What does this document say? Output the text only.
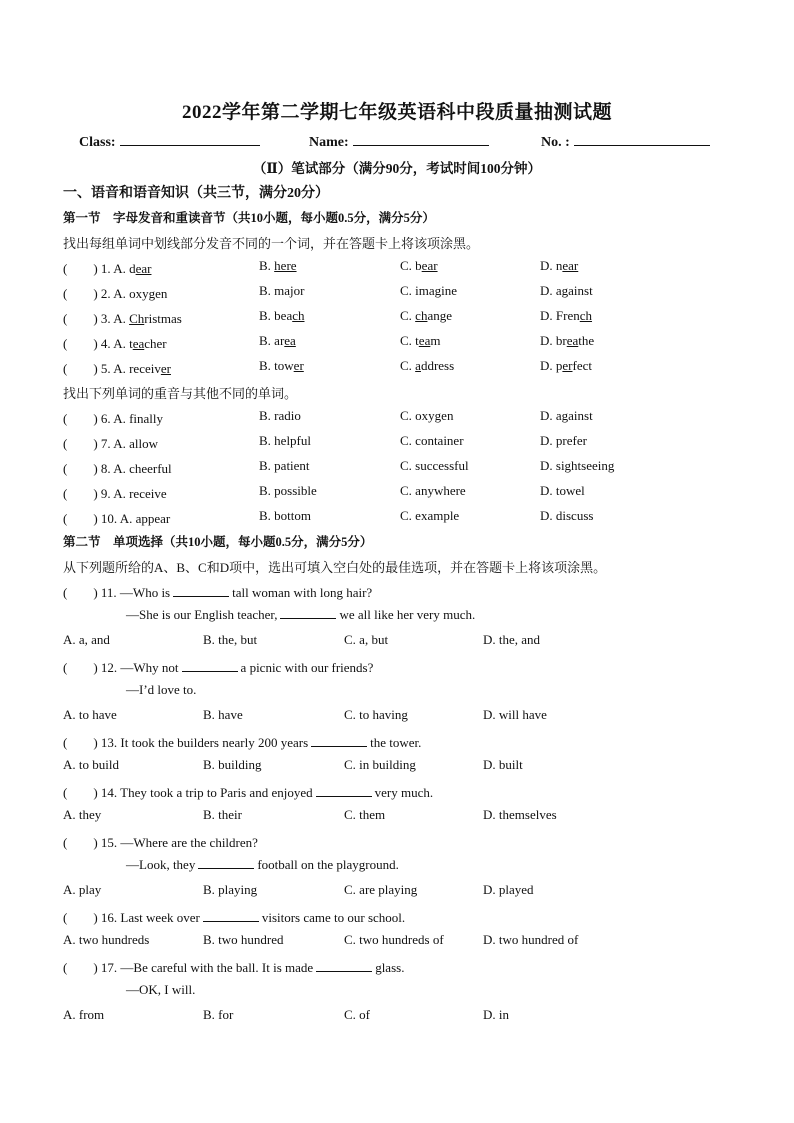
2022学年第二学期七年级英语科中段质量抽测试题
Class:	Name:	No. :
（Ⅱ）笔试部分（满分90分，考试时间100分钟）
一、语音和语音知识（共三节，满分20分）
第一节　字母发音和重读音节（共10小题，每小题0.5分，满分5分）
找出每组单词中划线部分发音不同的一个词，并在答题卡上将该项涂黑。
找出下列单词的重音与其他不同的单词。
(　　) 1. A. dear	B. here	C. bear	D. near
(　　) 2. A. oxygen	B. major	C. imagine	D. against
(　　) 3. A. Christmas	B. beach	C. change	D. French
(　　) 4. A. teacher	B. area	C. team	D. breathe
(　　) 5. A. receiver	B. tower	C. address	D. perfect
(　　) 6. A. finally	B. radio	C. oxygen	D. against
(　　) 7. A. allow	B. helpful	C. container	D. prefer
(　　) 8. A. cheerful	B. patient	C. successful	D. sightseeing
(　　) 9. A. receive	B. possible	C. anywhere	D. towel
(　　) 10. A. appear	B. bottom	C. example	D. discuss
第二节　单项选择（共10小题，每小题0.5分，满分5分）
从下列题所给的A、B、C和D项中，选出可填入空白处的最佳选项，并在答题卡上将该项涂黑。
(　　) 11. —Who is	tall woman with long hair?
—She is our English teacher,	we all like her very much.
A. a, and	B. the, but	C. a, but	D. the, and
(　　) 12. —Why not	a picnic with our friends?
—I’d love to.
A. to have	B. have	C. to having	D. will have
(　　) 13. It took the builders nearly 200 years	the tower.
A. to build	B. building	C. in building	D. built
(　　) 14. They took a trip to Paris and enjoyed	very much.
A. they	B. their	C. them	D. themselves
(　　) 15. —Where are the children?
—Look, they	football on the playground.
A. play	B. playing	C. are playing	D. played
(　　) 16. Last week over	visitors came to our school.
A. two hundreds	B. two hundred	C. two hundreds of	D. two hundred of
(　　) 17. —Be careful with the ball. It is made	glass.
—OK, I will.
A. from	B. for	C. of	D. in
